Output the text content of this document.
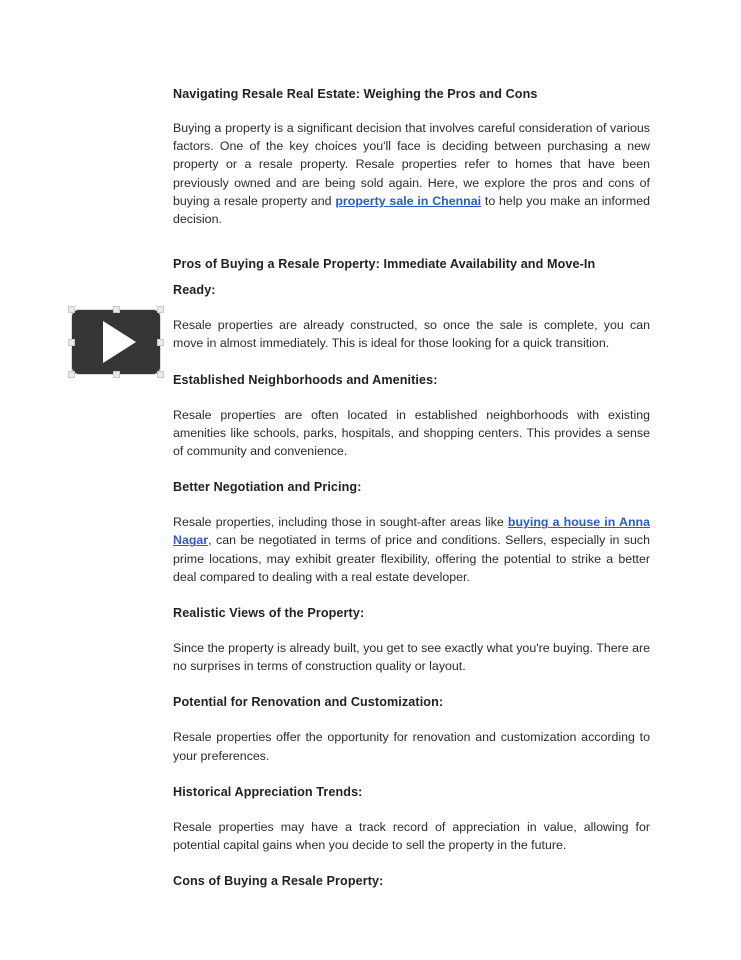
Navigating Resale Real Estate: Weighing the Pros and Cons

Buying a property is a significant decision that involves careful consideration of various factors. One of the key choices you'll face is deciding between purchasing a new property or a resale property. Resale properties refer to homes that have been previously owned and are being sold again. Here, we explore the pros and cons of buying a resale property and property sale in Chennai to help you make an informed decision.

Pros of Buying a Resale Property: Immediate Availability and Move-In
Ready:

Resale properties are already constructed, so once the sale is complete, you can move in almost immediately. This is ideal for those looking for a quick transition.

Established Neighborhoods and Amenities:

Resale properties are often located in established neighborhoods with existing amenities like schools, parks, hospitals, and shopping centers. This provides a sense of community and convenience.

Better Negotiation and Pricing:

Resale properties, including those in sought-after areas like buying a house in Anna Nagar, can be negotiated in terms of price and conditions. Sellers, especially in such prime locations, may exhibit greater flexibility, offering the potential to strike a better deal compared to dealing with a real estate developer.

Realistic Views of the Property:

Since the property is already built, you get to see exactly what you're buying. There are no surprises in terms of construction quality or layout.

Potential for Renovation and Customization:

Resale properties offer the opportunity for renovation and customization according to your preferences.

Historical Appreciation Trends:

Resale properties may have a track record of appreciation in value, allowing for potential capital gains when you decide to sell the property in the future.

Cons of Buying a Resale Property:
